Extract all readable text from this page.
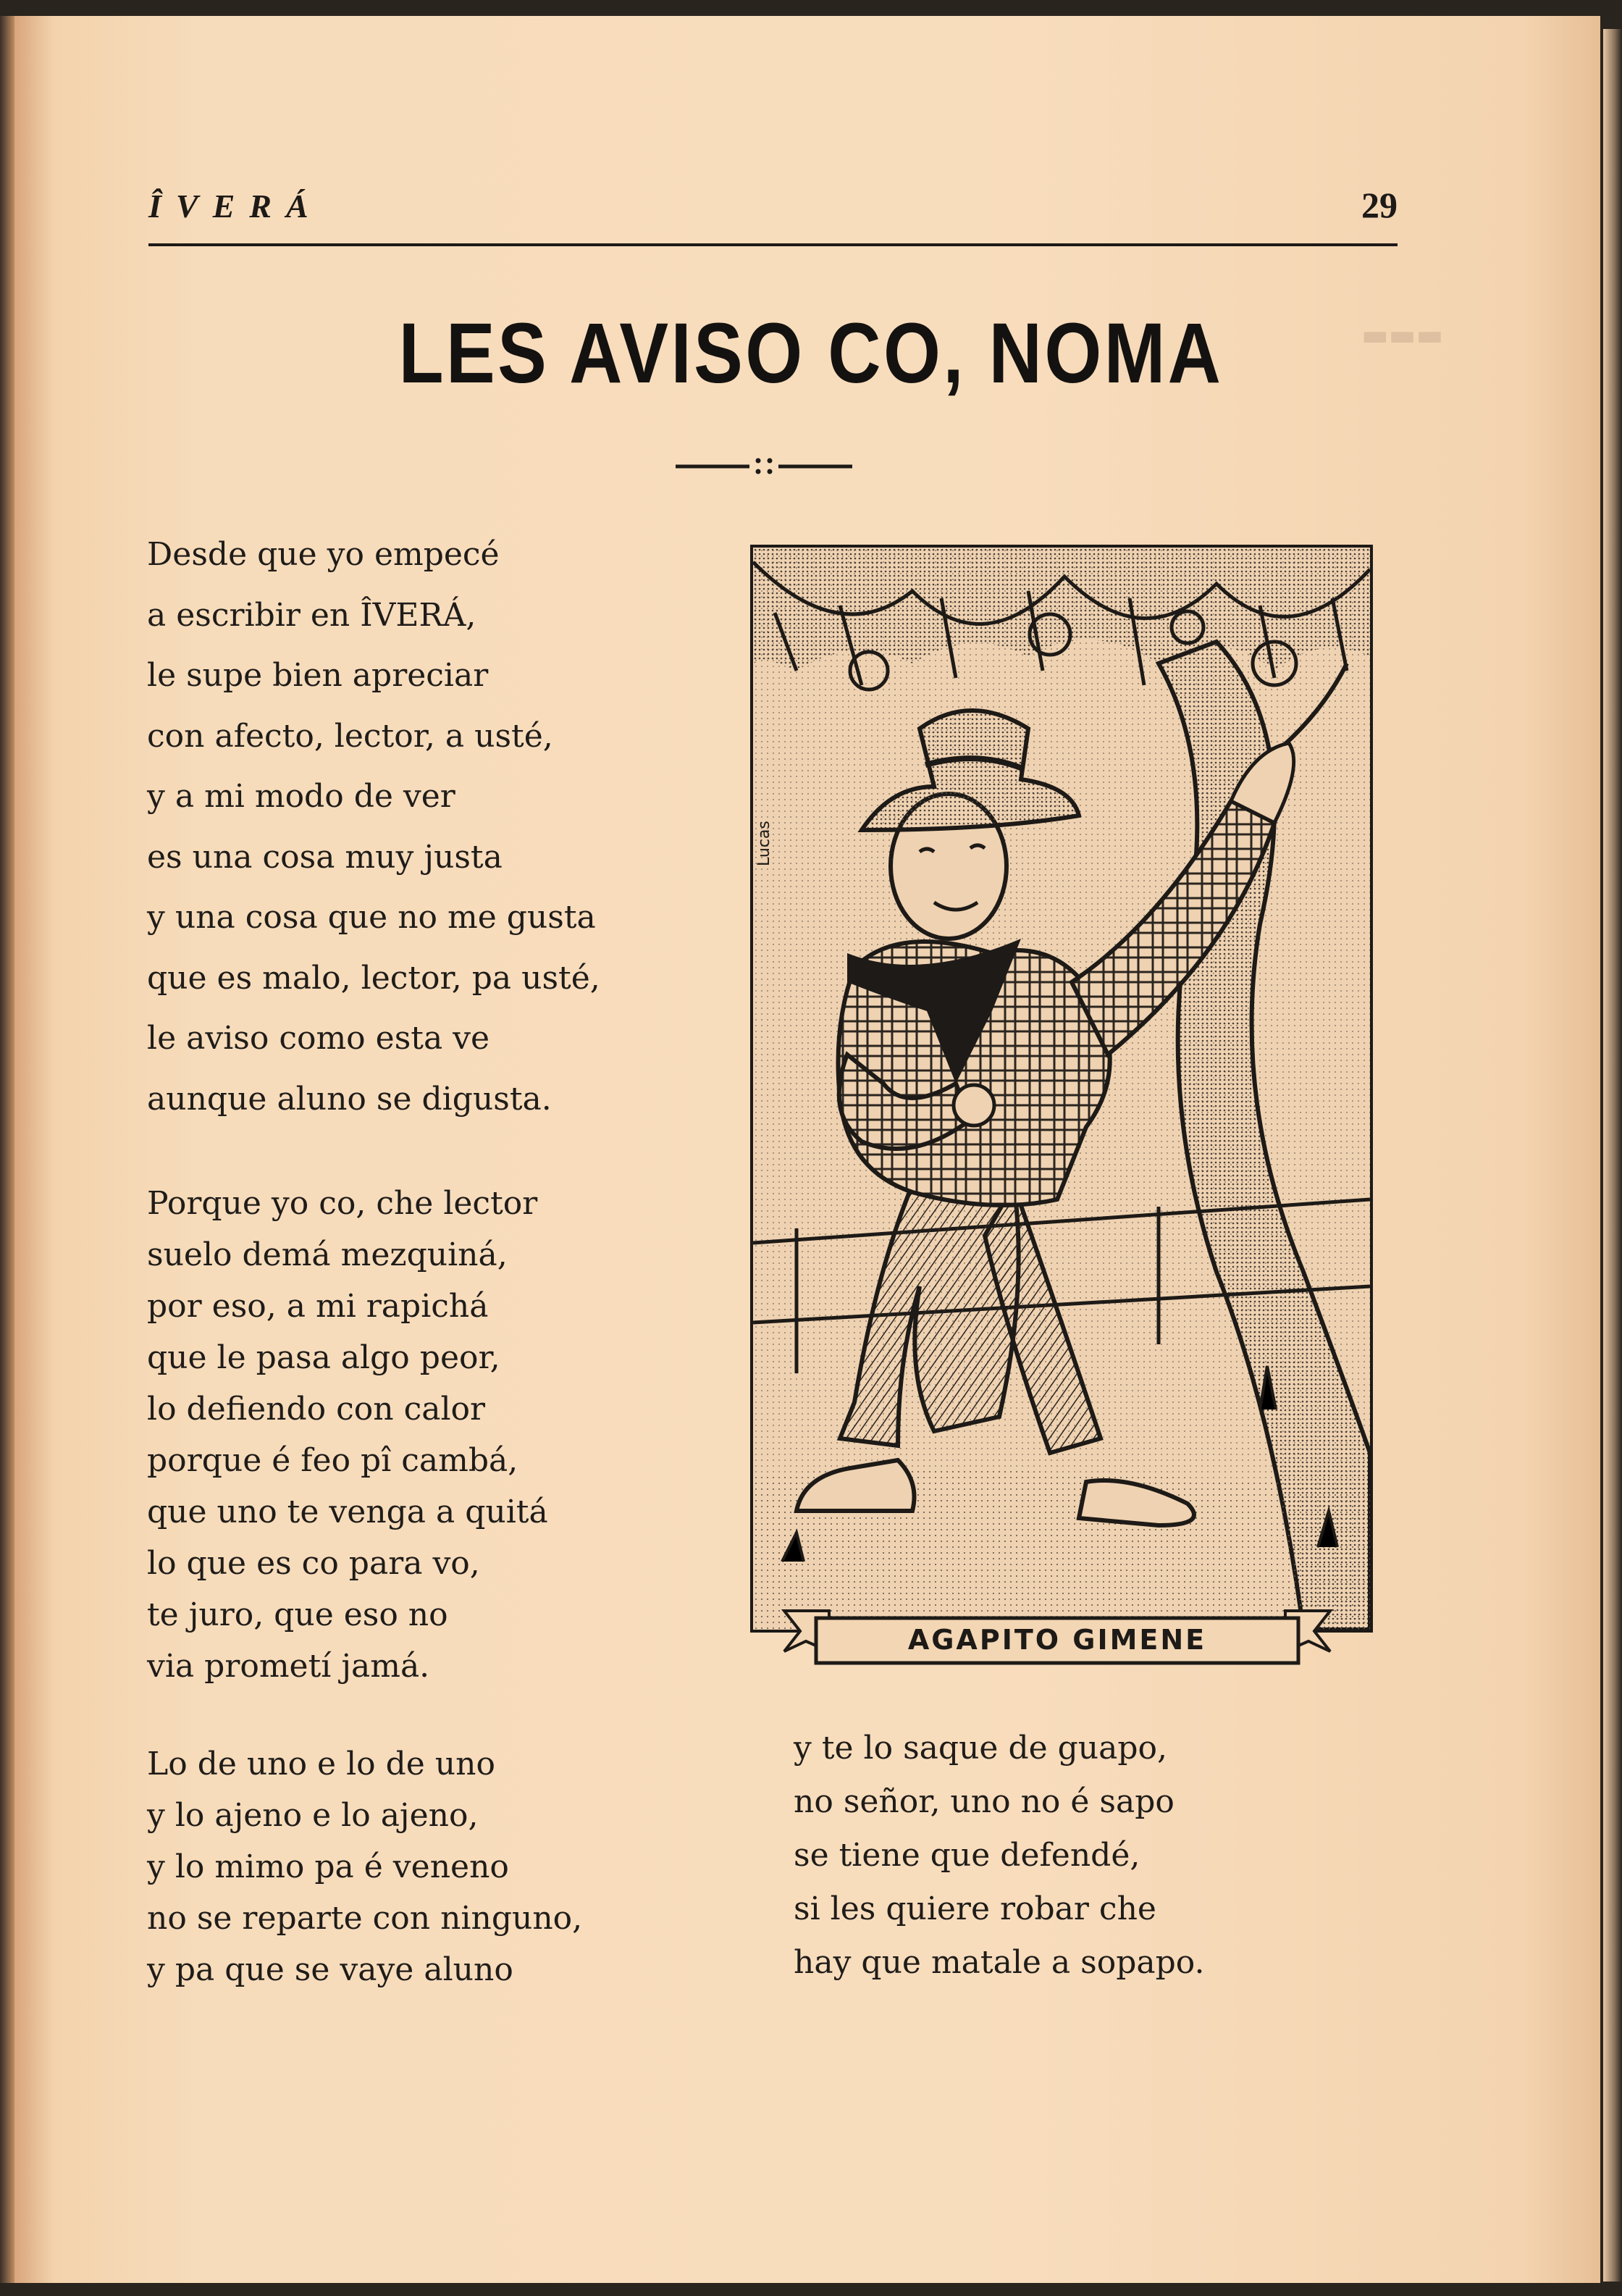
ÎVERÁ	29
LES AVISO CO, NOMA
Desde que yo empecé
a escribir en ÎVERÁ,
le supe bien apreciar
con afecto, lector, a usté,
y a mi modo de ver
es una cosa muy justa
y una cosa que no me gusta
que es malo, lector, pa usté,
le aviso como esta ve
aunque aluno se digusta.
Porque yo co, che lector
suelo demá mezquiná,
por eso, a mi rapichá
que le pasa algo peor,
lo defiendo con calor
porque é feo pî cambá,
que uno te venga a quitá
lo que es co para vo,
te juro, que eso no
via prometí jamá.
Lo de uno e lo de uno
y lo ajeno e lo ajeno,
y lo mimo pa é veneno
no se reparte con ninguno,
y pa que se vaye aluno
y te lo saque de guapo,
no señor, uno no é sapo
se tiene que defendé,
si les quiere robar che
hay que matale a sopapo.
Lucas
AGAPITO GIMENE
▬▬▬
